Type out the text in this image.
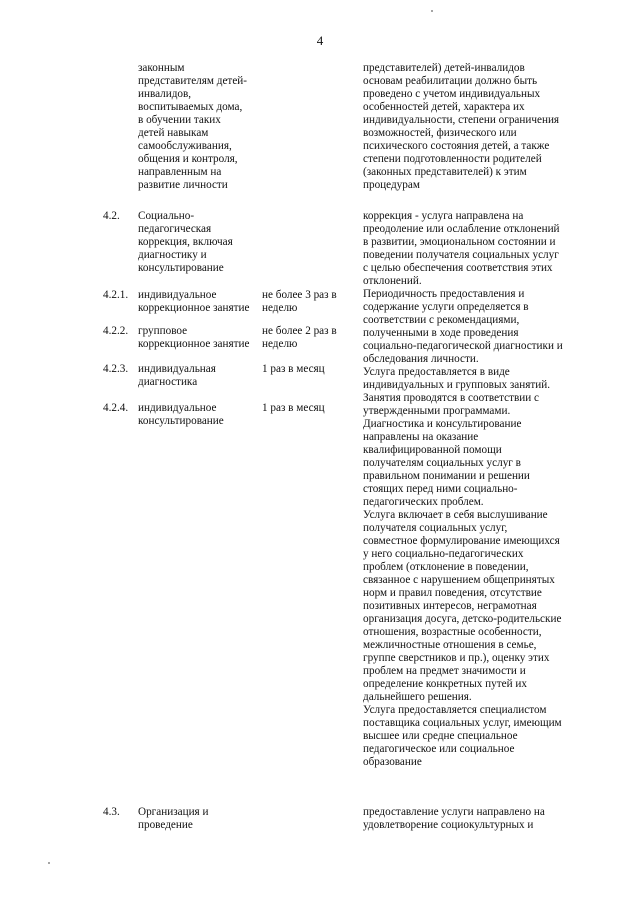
4
законным
представителям детей-
инвалидов,
воспитываемых дома,
в обучении таких
детей навыкам
самообслуживания,
общения и контроля,
направленным на
развитие личности
представителей) детей-инвалидов
основам реабилитации должно быть
проведено с учетом индивидуальных
особенностей детей, характера их
индивидуальности, степени ограничения
возможностей, физического или
психического состояния детей, а также
степени подготовленности родителей
(законных представителей) к этим
процедурам
4.2. Социально-
педагогическая
коррекция, включая
диагностику и
консультирование
4.2.1. индивидуальное
коррекционное занятие
не более 3 раз в
неделю
4.2.2. групповое
коррекционное занятие
не более 2 раз в
неделю
4.2.3. индивидуальная
диагностика
1 раз в месяц
4.2.4. индивидуальное
консультирование
1 раз в месяц
коррекция - услуга направлена на
преодоление или ослабление отклонений
в развитии, эмоциональном состоянии и
поведении получателя социальных услуг
с целью обеспечения соответствия этих
отклонений.
Периодичность предоставления и
содержание услуги определяется в
соответствии с рекомендациями,
полученными в ходе проведения
социально-педагогической диагностики и
обследования личности.
Услуга предоставляется в виде
индивидуальных и групповых занятий.
Занятия проводятся в соответствии с
утвержденными программами.
Диагностика и консультирование
направлены на оказание
квалифицированной помощи
получателям социальных услуг в
правильном понимании и решении
стоящих перед ними социально-
педагогических проблем.
Услуга включает в себя выслушивание
получателя социальных услуг,
совместное формулирование имеющихся
у него социально-педагогических
проблем (отклонение в поведении,
связанное с нарушением общепринятых
норм и правил поведения, отсутствие
позитивных интересов, неграмотная
организация досуга, детско-родительские
отношения, возрастные особенности,
межличностные отношения в семье,
группе сверстников и пр.), оценку этих
проблем на предмет значимости и
определение конкретных путей их
дальнейшего решения.
Услуга предоставляется специалистом
поставщика социальных услуг, имеющим
высшее или средне специальное
педагогическое или социальное
образование
4.3. Организация и
проведение
предоставление услуги направлено на
удовлетворение социокультурных и
